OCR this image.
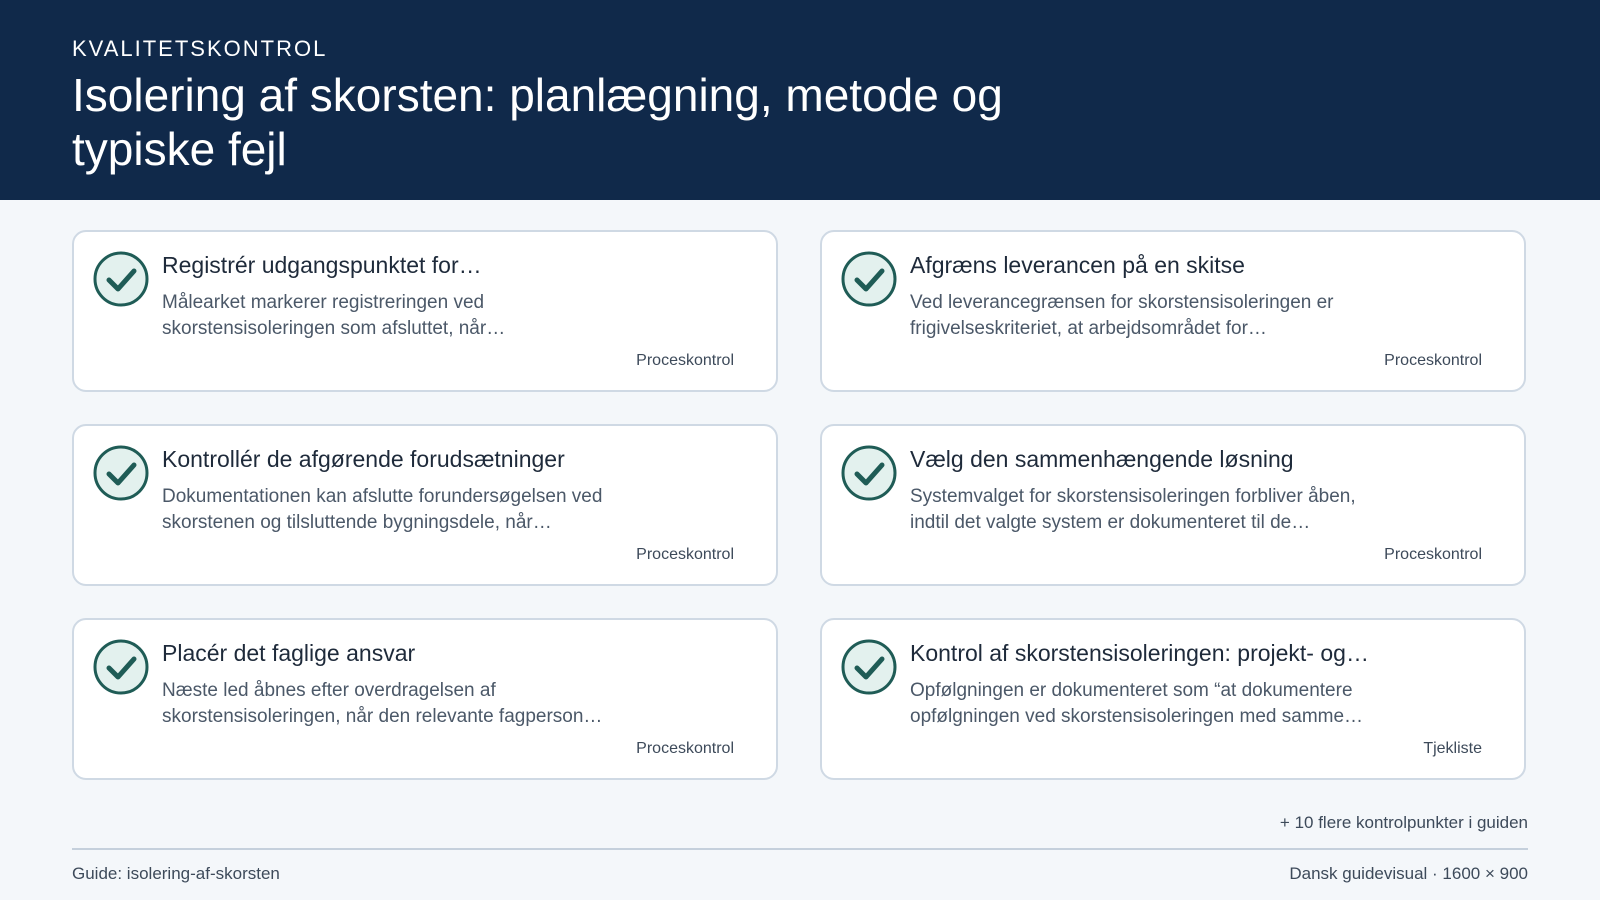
KVALITETSKONTROL
Isolering af skorsten: planlægning, metode og
typiske fejl
Registrér udgangspunktet for…
Målearket markerer registreringen ved
skorstensisoleringen som afsluttet, når…
Proceskontrol
Afgræns leverancen på en skitse
Ved leverancegrænsen for skorstensisoleringen er
frigivelseskriteriet, at arbejdsområdet for…
Proceskontrol
Kontrollér de afgørende forudsætninger
Dokumentationen kan afslutte forundersøgelsen ved
skorstenen og tilsluttende bygningsdele, når…
Proceskontrol
Vælg den sammenhængende løsning
Systemvalget for skorstensisoleringen forbliver åben,
indtil det valgte system er dokumenteret til de…
Proceskontrol
Placér det faglige ansvar
Næste led åbnes efter overdragelsen af
skorstensisoleringen, når den relevante fagperson…
Proceskontrol
Kontrol af skorstensisoleringen: projekt- og…
Opfølgningen er dokumenteret som “at dokumentere
opfølgningen ved skorstensisoleringen med samme…
Tjekliste
+ 10 flere kontrolpunkter i guiden
Guide: isolering-af-skorsten	Dansk guidevisual · 1600 × 900
